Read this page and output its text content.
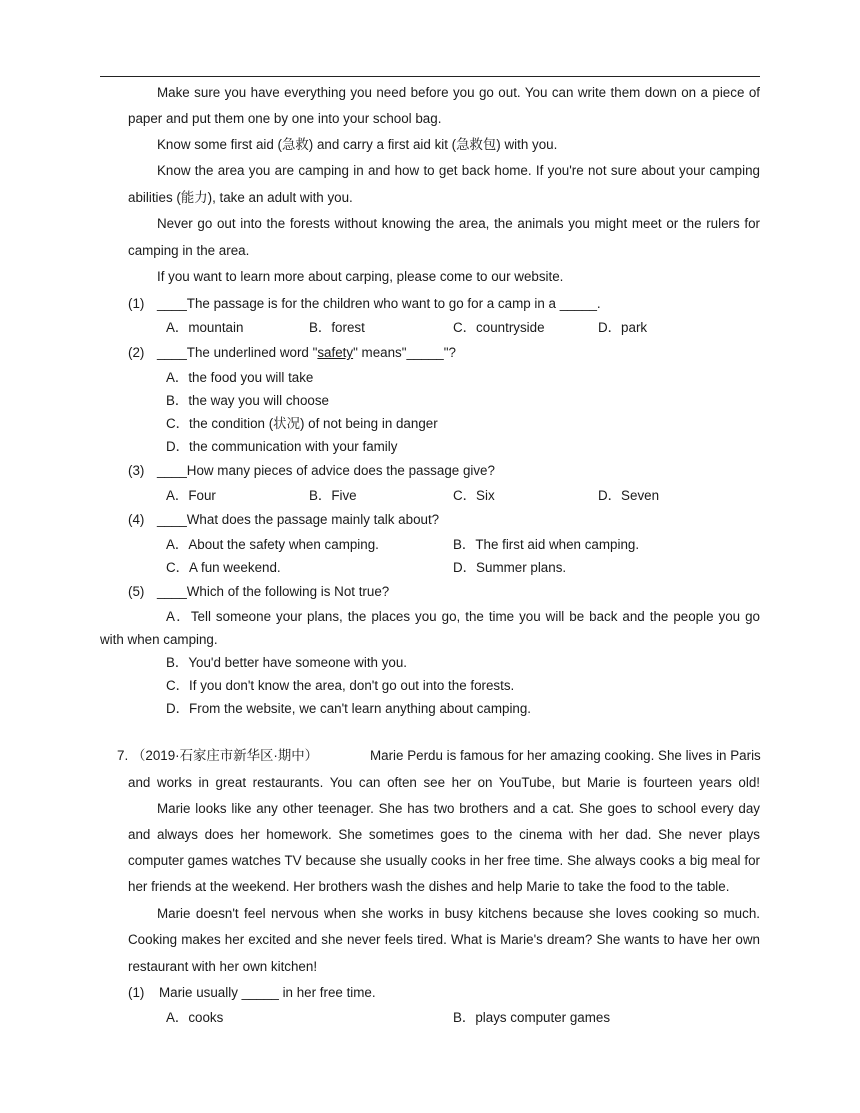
Make sure you have everything you need before you go out. You can write them down on a piece of
paper and put them one by one into your school bag.
Know some first aid (急救) and carry a first aid kit (急救包) with you.
Know the area you are camping in and how to get back home. If you're not sure about your camping
abilities (能力), take an adult with you.
Never go out into the forests without knowing the area, the animals you might meet or the rulers for
camping in the area.
If you want to learn more about carping, please come to our website.
(1) ____The passage is for the children who want to go for a camp in a _____.
A．mountain	B．forest	C．countryside	D．park
(2) ____The underlined word "safety" means"_____"?
A．the food you will take
B．the way you will choose
C．the condition (状况) of not being in danger
D．the communication with your family
(3) ____How many pieces of advice does the passage give?
A．Four	B．Five	C．Six	D．Seven
(4) ____What does the passage mainly talk about?
A．About the safety when camping.	B．The first aid when camping.
C．A fun weekend.	D．Summer plans.
(5) ____Which of the following is Not true?
A．Tell someone your plans, the places you go, the time you will be back and the people you go
with when camping.
B．You'd better have someone with you.
C．If you don't know the area, don't go out into the forests.
D．From the website, we can't learn anything about camping.
7. （2019·石家庄市新华区·期中）	Marie Perdu is famous for her amazing cooking. She lives in Paris
and works in great restaurants. You can often see her on YouTube, but Marie is fourteen years old!
Marie looks like any other teenager. She has two brothers and a cat. She goes to school every day
and always does her homework. She sometimes goes to the cinema with her dad. She never plays
computer games watches TV because she usually cooks in her free time. She always cooks a big meal for
her friends at the weekend. Her brothers wash the dishes and help Marie to take the food to the table.
Marie doesn't feel nervous when she works in busy kitchens because she loves cooking so much.
Cooking makes her excited and she never feels tired. What is Marie's dream? She wants to have her own
restaurant with her own kitchen!
(1) Marie usually _____ in her free time.
A．cooks	B．plays computer games
